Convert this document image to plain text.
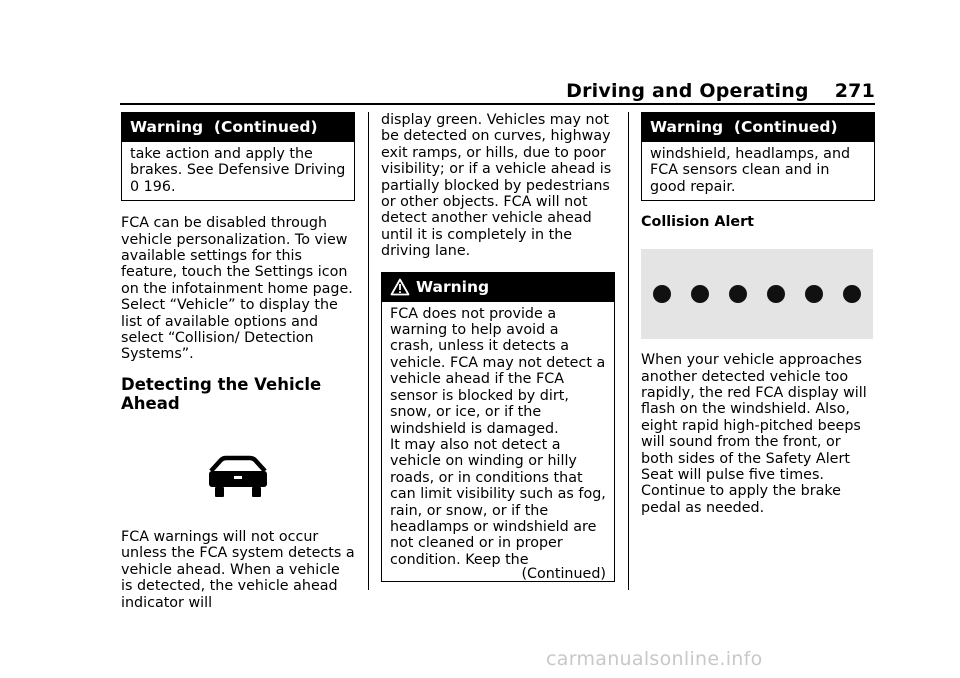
Driving and Operating 271
Warning  (Continued)
take action and apply the brakes. See Defensive Driving 0 196.

FCA can be disabled through vehicle personalization. To view available settings for this feature, touch the Settings icon on the infotainment home page. Select “Vehicle” to display the list of available options and select “Collision/ Detection Systems”.

Detecting the Vehicle Ahead

FCA warnings will not occur unless the FCA system detects a vehicle ahead. When a vehicle is detected, the vehicle ahead indicator will

display green. Vehicles may not be detected on curves, highway exit ramps, or hills, due to poor visibility; or if a vehicle ahead is partially blocked by pedestrians or other objects. FCA will not detect another vehicle ahead until it is completely in the driving lane.

Warning
FCA does not provide a warning to help avoid a crash, unless it detects a vehicle. FCA may not detect a vehicle ahead if the FCA sensor is blocked by dirt, snow, or ice, or if the windshield is damaged.
It may also not detect a vehicle on winding or hilly roads, or in conditions that can limit visibility such as fog, rain, or snow, or if the headlamps or windshield are not cleaned or in proper condition. Keep the
(Continued)
Warning  (Continued)
windshield, headlamps, and FCA sensors clean and in good repair.
Collision Alert

When your vehicle approaches another detected vehicle too rapidly, the red FCA display will flash on the windshield. Also, eight rapid high-pitched beeps will sound from the front, or both sides of the Safety Alert Seat will pulse five times. Continue to apply the brake pedal as needed.

carmanualsonline.info
